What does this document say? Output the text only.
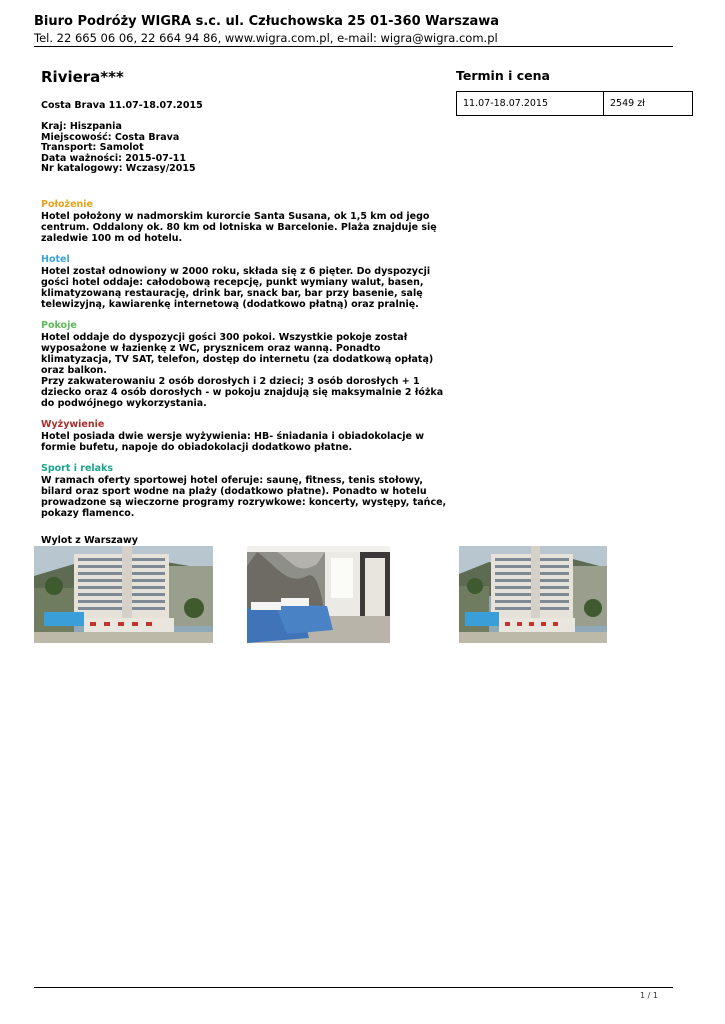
Biuro Podróży WIGRA s.c. ul. Człuchowska 25 01-360 Warszawa
Tel. 22 665 06 06, 22 664 94 86, www.wigra.com.pl, e-mail: wigra@wigra.com.pl
Riviera***
Costa Brava 11.07-18.07.2015
Kraj: Hiszpania
Miejscowość: Costa Brava
Transport: Samolot
Data ważności: 2015-07-11
Nr katalogowy: Wczasy/2015
Położenie
Hotel położony w nadmorskim kurorcie Santa Susana, ok 1,5 km od jego centrum. Oddalony ok. 80 km od lotniska w Barcelonie. Plaża znajduje się zaledwie 100 m od hotelu.
Hotel
Hotel został odnowiony w 2000 roku, składa się z 6 pięter. Do dyspozycji gości hotel oddaje: całodobową recepcję, punkt wymiany walut, basen, klimatyzowaną restaurację, drink bar, snack bar, bar przy basenie, salę telewizyjną, kawiarenkę internetową (dodatkowo płatną) oraz pralnię.
Pokoje
Hotel oddaje do dyspozycji gości 300 pokoi. Wszystkie pokoje został wyposażone w łazienkę z WC, prysznicem oraz wanną. Ponadto klimatyzacja, TV SAT, telefon, dostęp do internetu (za dodatkową opłatą) oraz balkon.
Przy zakwaterowaniu 2 osób dorosłych i 2 dzieci; 3 osób dorosłych + 1 dziecko oraz 4 osób dorosłych - w pokoju znajdują się maksymalnie 2 łóżka do podwójnego wykorzystania.
Wyżywienie
Hotel posiada dwie wersje wyżywienia: HB- śniadania i obiadokolacje w formie bufetu, napoje do obiadokolacji dodatkowo płatne.
Sport i relaks
W ramach oferty sportowej hotel oferuje: saunę, fitness, tenis stołowy, bilard oraz sport wodne na plaży (dodatkowo płatne). Ponadto w hotelu prowadzone są wieczorne programy rozrywkowe: koncerty, występy, tańce, pokazy flamenco.
Wylot z Warszawy
Termin i cena
11.07-18.07.2015	2549 zł
1 / 1
